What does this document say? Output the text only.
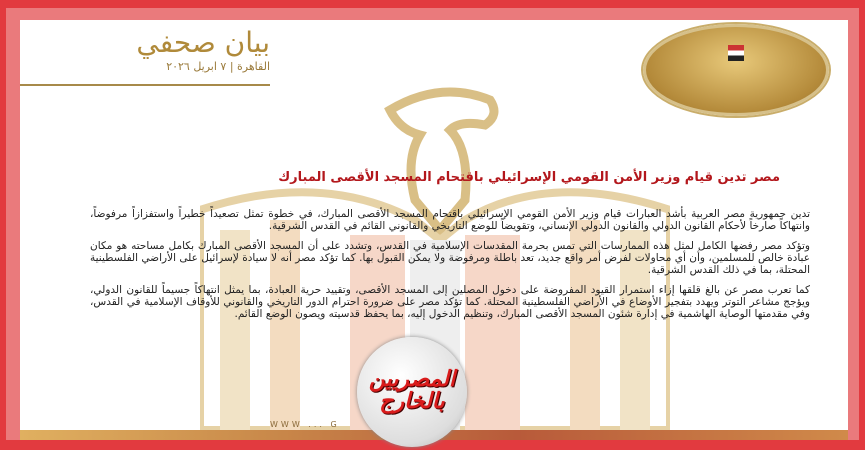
بيان صحفي
القاهرة | ٧ ابريل ٢٠٢٦
مصر تدين قيام وزير الأمن القومي الإسرائيلي باقتحام المسجد الأقصى المبارك

تدين جمهورية مصر العربية بأشد العبارات قيام وزير الأمن القومي الإسرائيلي باقتحام المسجد الأقصى المبارك، في خطوة تمثل تصعيداً خطيراً واستفزازاً مرفوضاً، وانتهاكاً صارخاً لأحكام القانون الدولي والقانون الدولي الإنساني، وتقويضاً للوضع التاريخي والقانوني القائم في القدس الشرقية.

وتؤكد مصر رفضها الكامل لمثل هذه الممارسات التي تمس بحرمة المقدسات الإسلامية في القدس، وتشدد على أن المسجد الأقصى المبارك بكامل مساحته هو مكان عبادة خالص للمسلمين، وأن أي محاولات لفرض أمر واقع جديد، تعد باطلة ومرفوضة ولا يمكن القبول بها. كما تؤكد مصر أنه لا سيادة لإسرائيل على الأراضي الفلسطينية المحتلة، بما في ذلك القدس الشرقية.

كما تعرب مصر عن بالغ قلقها إزاء استمرار القيود المفروضة على دخول المصلين إلى المسجد الأقصى، وتقييد حرية العبادة، بما يمثل انتهاكاً جسيماً للقانون الدولي، ويؤجج مشاعر التوتر ويهدد بتفجير الأوضاع في الأراضي الفلسطينية المحتلة. كما تؤكد مصر على ضرورة احترام الدور التاريخي والقانوني للأوقاف الإسلامية في القدس، وفي مقدمتها الوصاية الهاشمية في إدارة شئون المسجد الأقصى المبارك، وتنظيم الدخول إليه، بما يحفظ قدسيته ويصون الوضع القائم.

المصريين بالخارج
WWW ... G
